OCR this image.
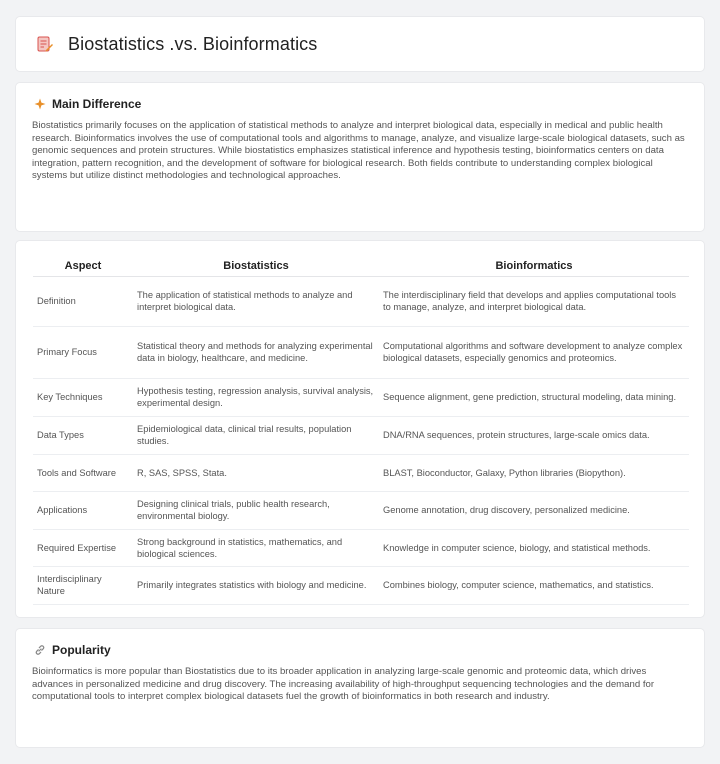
Biostatistics .vs. Bioinformatics
Main Difference

Biostatistics primarily focuses on the application of statistical methods to analyze and interpret biological data, especially in medical and public health research. Bioinformatics involves the use of computational tools and algorithms to manage, analyze, and visualize large-scale biological datasets, such as genomic sequences and protein structures. While biostatistics emphasizes statistical inference and hypothesis testing, bioinformatics centers on data integration, pattern recognition, and the development of software for biological research. Both fields contribute to understanding complex biological systems but utilize distinct methodologies and technological approaches.

Aspect	Biostatistics	Bioinformatics
Definition	The application of statistical methods to analyze and interpret biological data.	The interdisciplinary field that develops and applies computational tools to manage, analyze, and interpret biological data.
Primary Focus	Statistical theory and methods for analyzing experimental data in biology, healthcare, and medicine.	Computational algorithms and software development to analyze complex biological datasets, especially genomics and proteomics.
Key Techniques	Hypothesis testing, regression analysis, survival analysis, experimental design.	Sequence alignment, gene prediction, structural modeling, data mining.
Data Types	Epidemiological data, clinical trial results, population studies.	DNA/RNA sequences, protein structures, large-scale omics data.
Tools and Software	R, SAS, SPSS, Stata.	BLAST, Bioconductor, Galaxy, Python libraries (Biopython).
Applications	Designing clinical trials, public health research, environmental biology.	Genome annotation, drug discovery, personalized medicine.
Required Expertise	Strong background in statistics, mathematics, and biological sciences.	Knowledge in computer science, biology, and statistical methods.
Interdisciplinary Nature	Primarily integrates statistics with biology and medicine.	Combines biology, computer science, mathematics, and statistics.
Popularity

Bioinformatics is more popular than Biostatistics due to its broader application in analyzing large-scale genomic and proteomic data, which drives advances in personalized medicine and drug discovery. The increasing availability of high-throughput sequencing technologies and the demand for computational tools to interpret complex biological datasets fuel the growth of bioinformatics in both research and industry.
